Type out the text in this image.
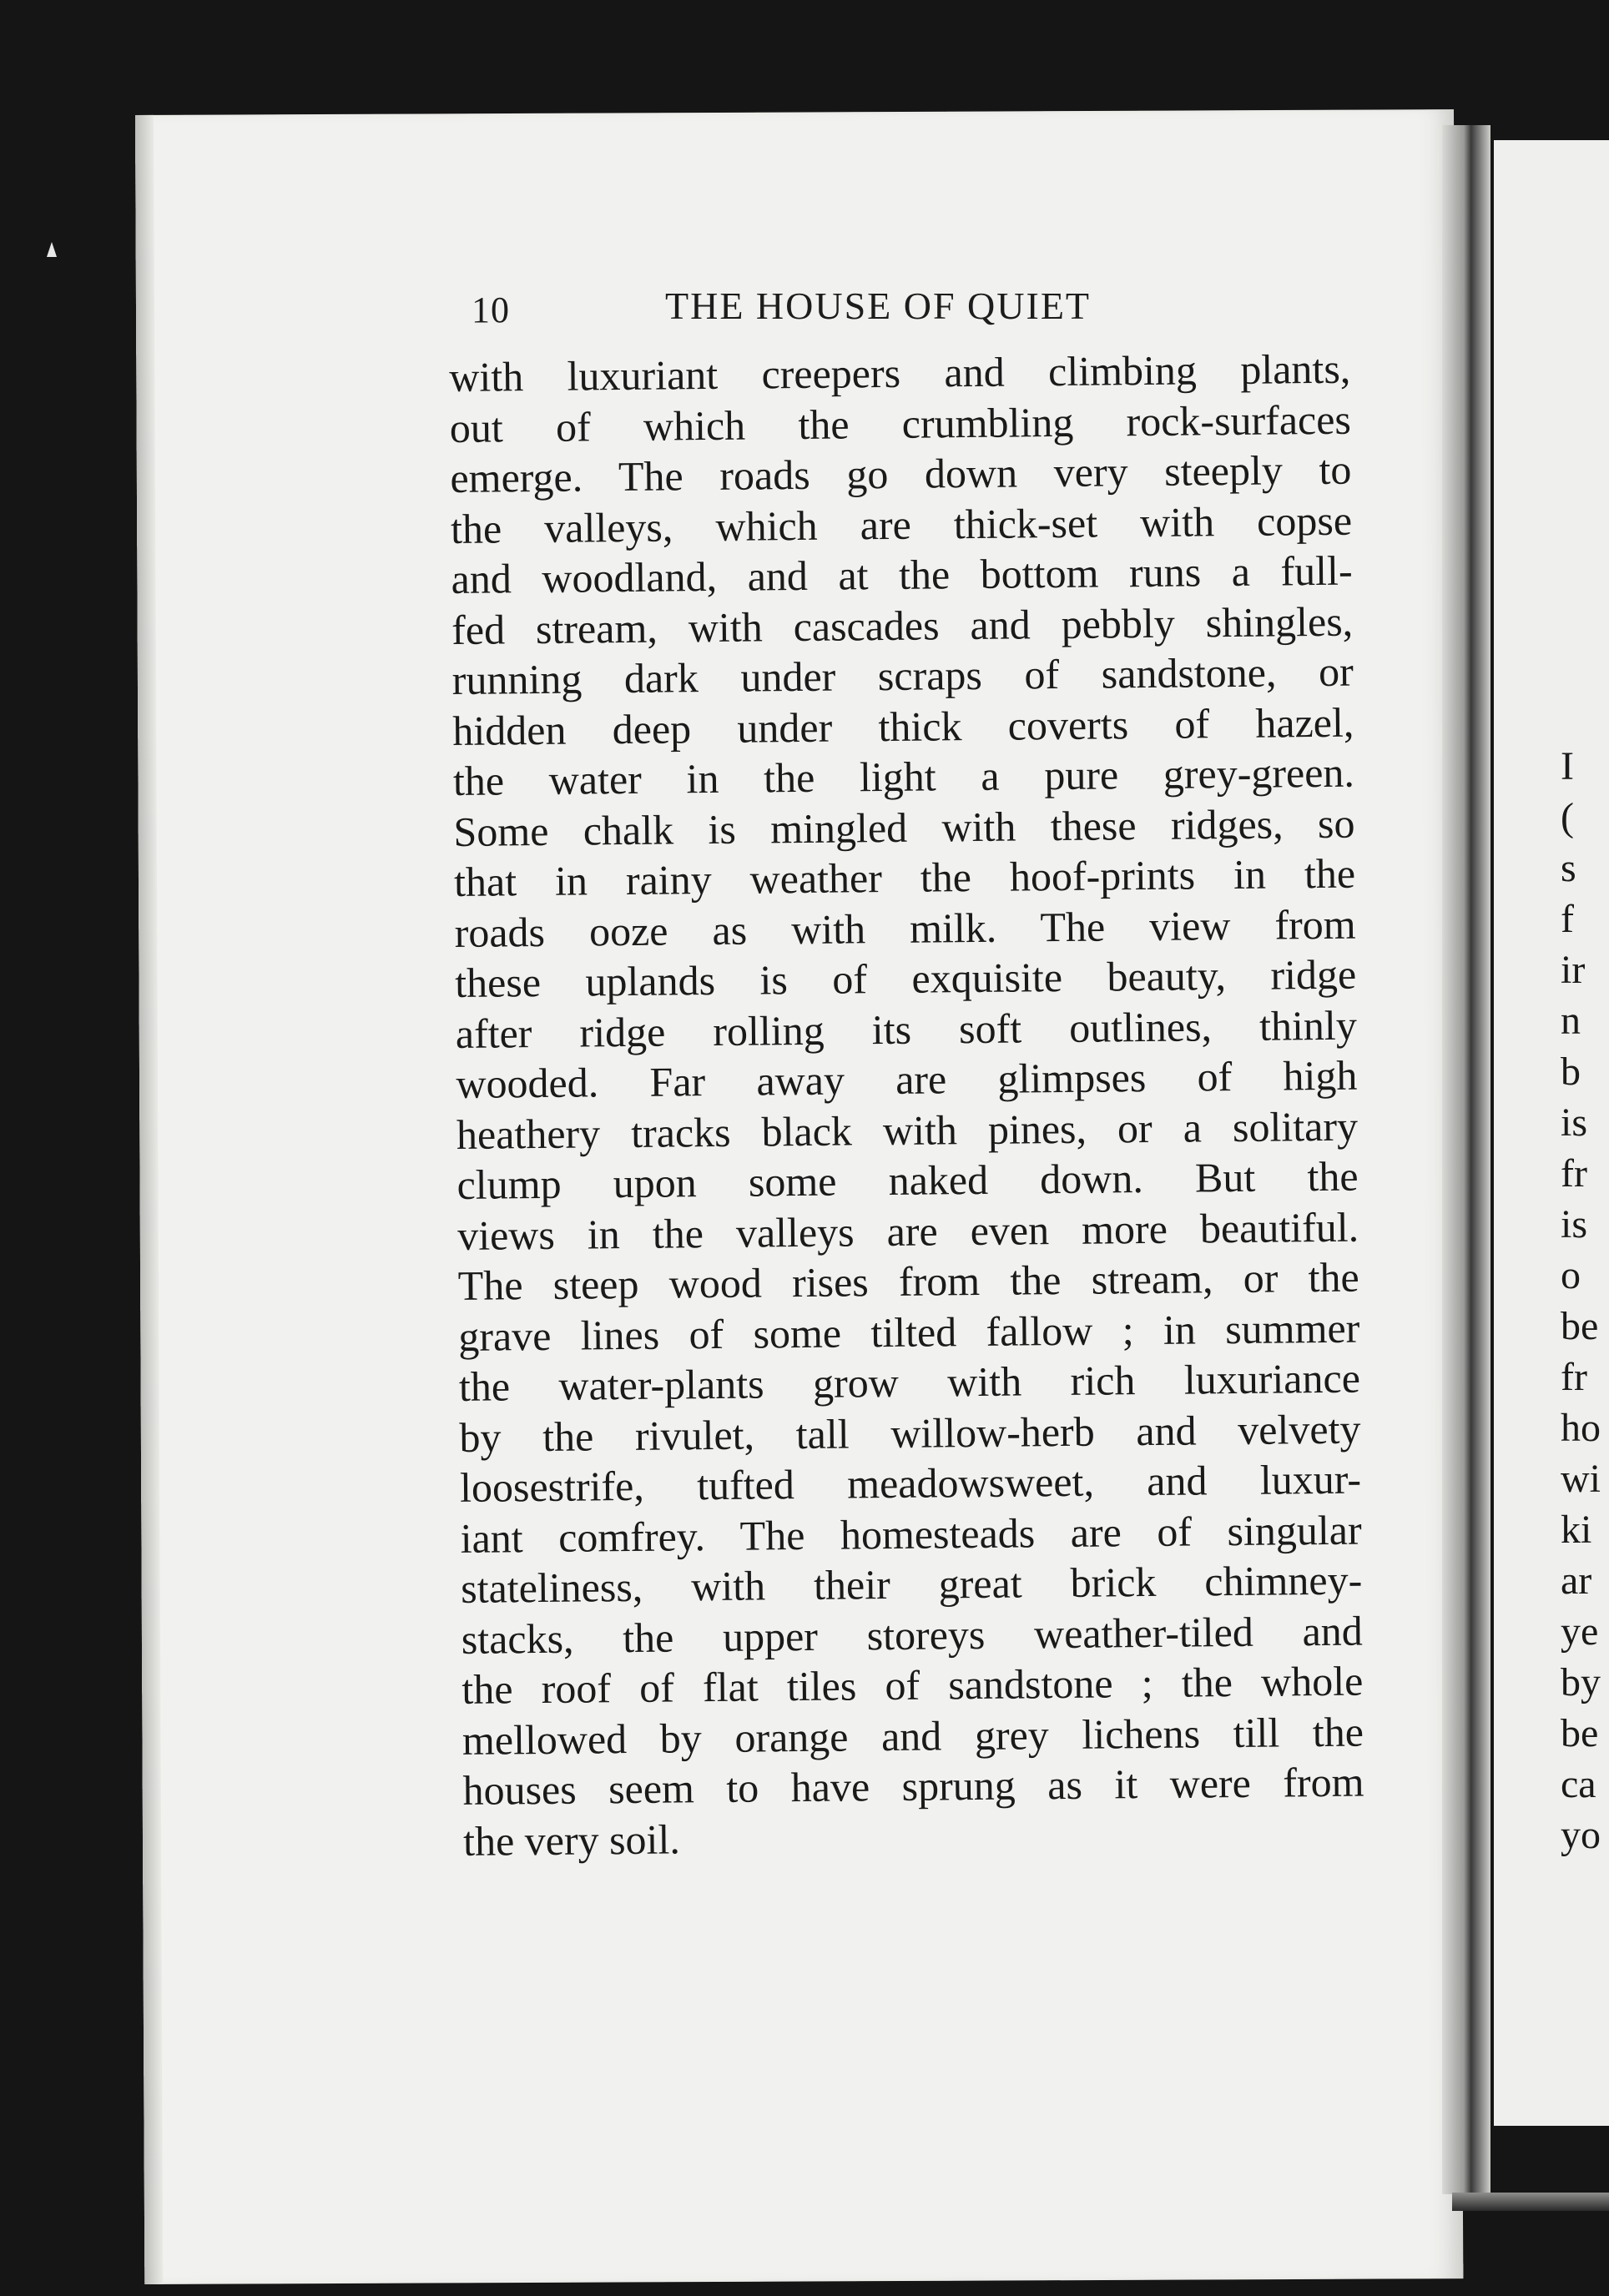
10	THE HOUSE OF QUIET
with luxuriant creepers and climbing plants,
out of which the crumbling rock-surfaces
emerge. The roads go down very steeply to
the valleys, which are thick-set with copse
and woodland, and at the bottom runs a full-
fed stream, with cascades and pebbly shingles,
running dark under scraps of sandstone, or
hidden deep under thick coverts of hazel,
the water in the light a pure grey-green.
Some chalk is mingled with these ridges, so
that in rainy weather the hoof-prints in the
roads ooze as with milk. The view from
these uplands is of exquisite beauty, ridge
after ridge rolling its soft outlines, thinly
wooded. Far away are glimpses of high
heathery tracks black with pines, or a solitary
clump upon some naked down. But the
views in the valleys are even more beautiful.
The steep wood rises from the stream, or the
grave lines of some tilted fallow ; in summer
the water-plants grow with rich luxuriance
by the rivulet, tall willow-herb and velvety
loosestrife, tufted meadowsweet, and luxur-
iant comfrey. The homesteads are of singular
stateliness, with their great brick chimney-
stacks, the upper storeys weather-tiled and
the roof of flat tiles of sandstone ; the whole
mellowed by orange and grey lichens till the
houses seem to have sprung as it were from
the very soil.
I
(
s
f
ir
n
b
is
fr
is
o
be
fr
ho
wi
ki
ar
ye
by
be
ca
yo
